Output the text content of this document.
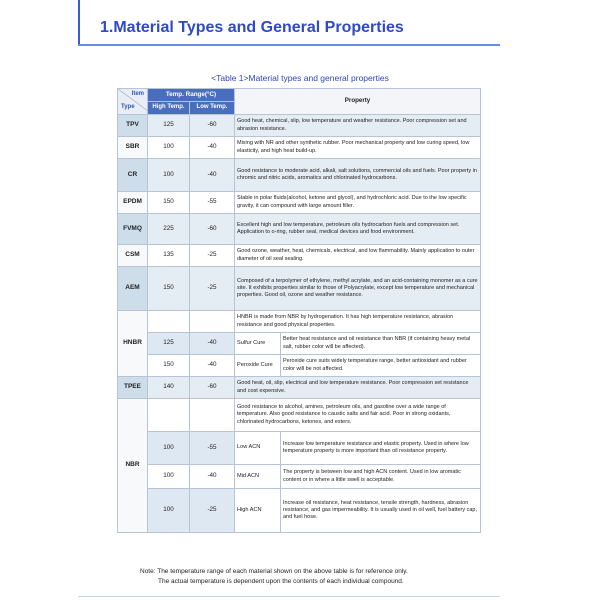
1.Material Types and General Properties
<Table 1>Material types and general properties
Item
Type	Temp. Range(°C)		Property	
	High Temp.	Low Temp.		
TPV	125	-60	Good heat, chemical, slip, low temperature and weather resistance. Poor compression set and abrasion resistance.	
SBR	100	-40	Mixing with NR and other synthetic rubber. Poor mechanical property and low curing speed, low elasticity, and high heat build-up.	
CR	100	-40	Good resistance to moderate acid, alkali, salt solutions, commercial oils and fuels. Poor property in chromic and nitric acids, aromatics and chlorinated hydrocarbons.	
EPDM	150	-55	Stable in polar fluids(alcohol, ketone and glycol), and hydrochloric acid. Due to the low specific gravity, it can compound with large amount filler.	
FVMQ	225	-60	Excellent high and low temperature, petroleum oils hydrocarbon fuels and compression set. Application to o-ring, rubber seal, medical devices and food environment.	
CSM	135	-25	Good ozone, weather, heat, chemicals, electrical, and low flammability. Mainly application to outer diameter of oil seal sealing.	
AEM	150	-25	Composed of a terpolymer of ethylene, methyl acrylate, and an acid-containing monomer as a cure site. It exhibits properties similar to those of Polyacrylate, except low temperature and mechanical properties. Good oil, ozone and weather resistance.	
HNBR			HNBR is made from NBR by hydrogenation. It has high temperature resistance, abrasion resistance and good physical properties.	
	125	-40	Sulfur Cure	Better heat resistance and oil resistance than NBR (if containing heavy metal salt, rubber color will be affected).
	150	-40	Peroxide Cure	Peroxide cure suits widely temperature range, better antioxidant and rubber color will be not affected.
TPEE	140	-60	Good heat, oil, slip, electrical and low temperature resistance. Poor compression set resistance and cost expensive.	
NBR			Good resistance to alcohol, amines, petroleum oils, and gasoline over a wide range of temperature. Also good resistance to caustic salts and fair acid. Poor in strong oxidants, chlorinated hydrocarbons, ketones, and esters.	
	100	-55	Low ACN	Increase low temperature resistance and elastic property. Used in where low temperature property is more important than oil resistance property.
	100	-40	Mid ACN	The property is between low and high ACN content. Used in low aromatic content or in where a little swell is acceptable.
	100	-25	High ACN	Increase oil resistance, heat resistance, tensile strength, hardness, abrasion resistance, and gas impermeability. It is usually used in oil well, fuel battery cap, and fuel hose.
Note: The temperature range of each material shown on the above table is for reference only.
The actual temperature is dependent upon the contents of each individual compound.
